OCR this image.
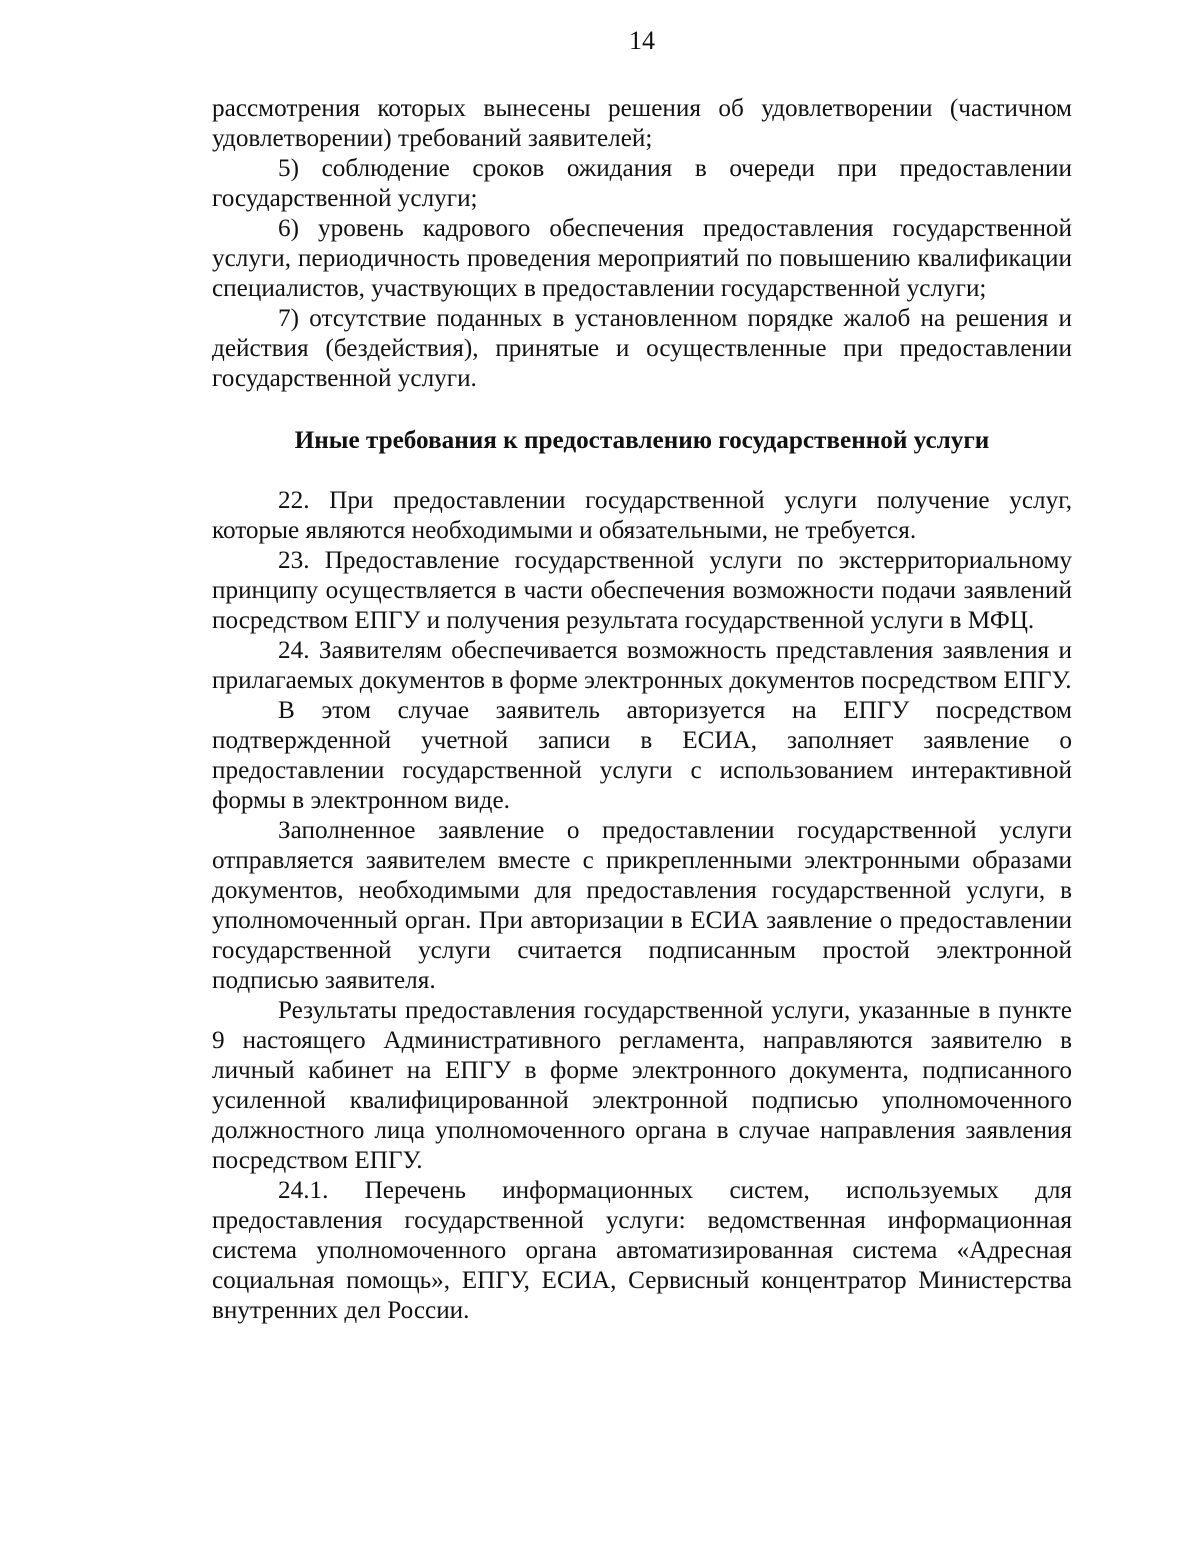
14

рассмотрения которых вынесены решения об удовлетворении (частичном удовлетворении) требований заявителей;

5) соблюдение сроков ожидания в очереди при предоставлении государственной услуги;

6) уровень кадрового обеспечения предоставления государственной услуги, периодичность проведения мероприятий по повышению квалификации специалистов, участвующих в предоставлении государственной услуги;

7) отсутствие поданных в установленном порядке жалоб на решения и действия (бездействия), принятые и осуществленные при предоставлении государственной услуги.

Иные требования к предоставлению государственной услуги

22. При предоставлении государственной услуги получение услуг, которые являются необходимыми и обязательными, не требуется.

23. Предоставление государственной услуги по экстерриториальному принципу осуществляется в части обеспечения возможности подачи заявлений посредством ЕПГУ и получения результата государственной услуги в МФЦ.

24. Заявителям обеспечивается возможность представления заявления и прилагаемых документов в форме электронных документов посредством ЕПГУ.

В этом случае заявитель авторизуется на ЕПГУ посредством подтвержденной учетной записи в ЕСИА, заполняет заявление о предоставлении государственной услуги с использованием интерактивной формы в электронном виде.

Заполненное заявление о предоставлении государственной услуги отправляется заявителем вместе с прикрепленными электронными образами документов, необходимыми для предоставления государственной услуги, в уполномоченный орган. При авторизации в ЕСИА заявление о предоставлении государственной услуги считается подписанным простой электронной подписью заявителя.

Результаты предоставления государственной услуги, указанные в пункте 9 настоящего Административного регламента, направляются заявителю в личный кабинет на ЕПГУ в форме электронного документа, подписанного усиленной квалифицированной электронной подписью уполномоченного должностного лица уполномоченного органа в случае направления заявления посредством ЕПГУ.

24.1. Перечень информационных систем, используемых для предоставления государственной услуги: ведомственная информационная система уполномоченного органа автоматизированная система «Адресная социальная помощь», ЕПГУ, ЕСИА, Сервисный концентратор Министерства внутренних дел России.
